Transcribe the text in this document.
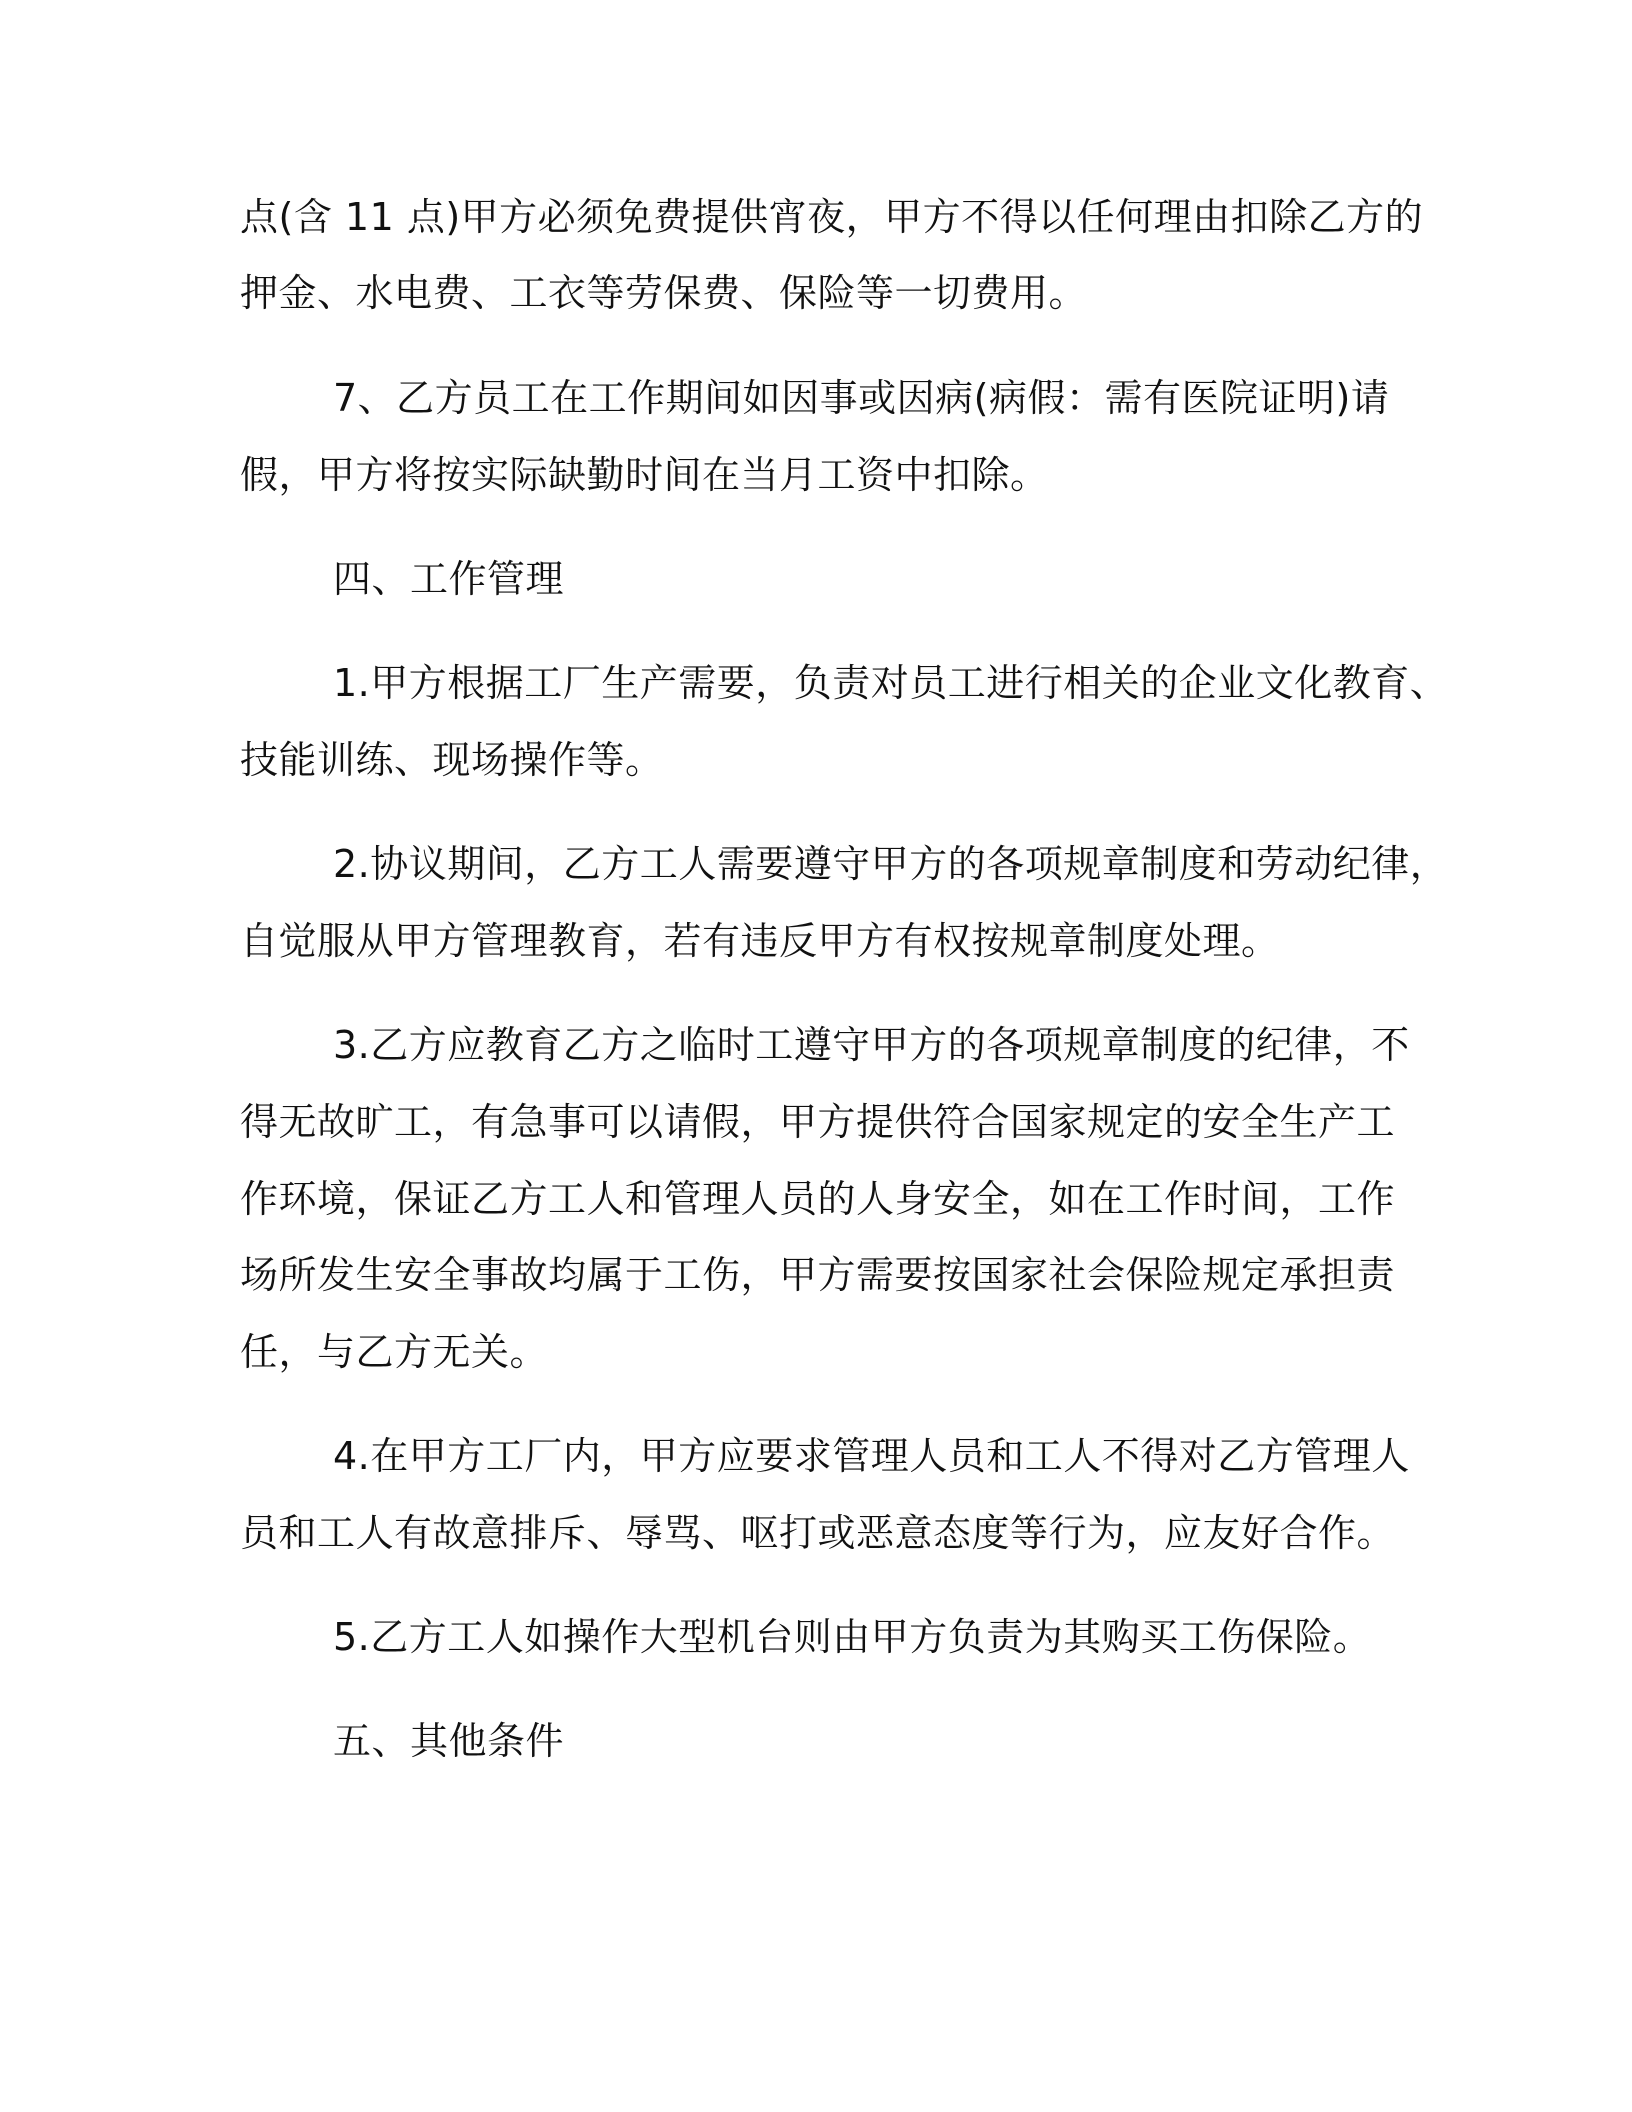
点(含 11 点)甲方必须免费提供宵夜，甲方不得以任何理由扣除乙方的
押金、水电费、工衣等劳保费、保险等一切费用。
7、乙方员工在工作期间如因事或因病(病假：需有医院证明)请
假，甲方将按实际缺勤时间在当月工资中扣除。
四、工作管理
1.甲方根据工厂生产需要，负责对员工进行相关的企业文化教育、
技能训练、现场操作等。
2.协议期间，乙方工人需要遵守甲方的各项规章制度和劳动纪律，
自觉服从甲方管理教育，若有违反甲方有权按规章制度处理。
3.乙方应教育乙方之临时工遵守甲方的各项规章制度的纪律，不
得无故旷工，有急事可以请假，甲方提供符合国家规定的安全生产工
作环境，保证乙方工人和管理人员的人身安全，如在工作时间，工作
场所发生安全事故均属于工伤，甲方需要按国家社会保险规定承担责
任，与乙方无关。
4.在甲方工厂内，甲方应要求管理人员和工人不得对乙方管理人
员和工人有故意排斥、辱骂、呕打或恶意态度等行为，应友好合作。
5.乙方工人如操作大型机台则由甲方负责为其购买工伤保险。
五、其他条件
